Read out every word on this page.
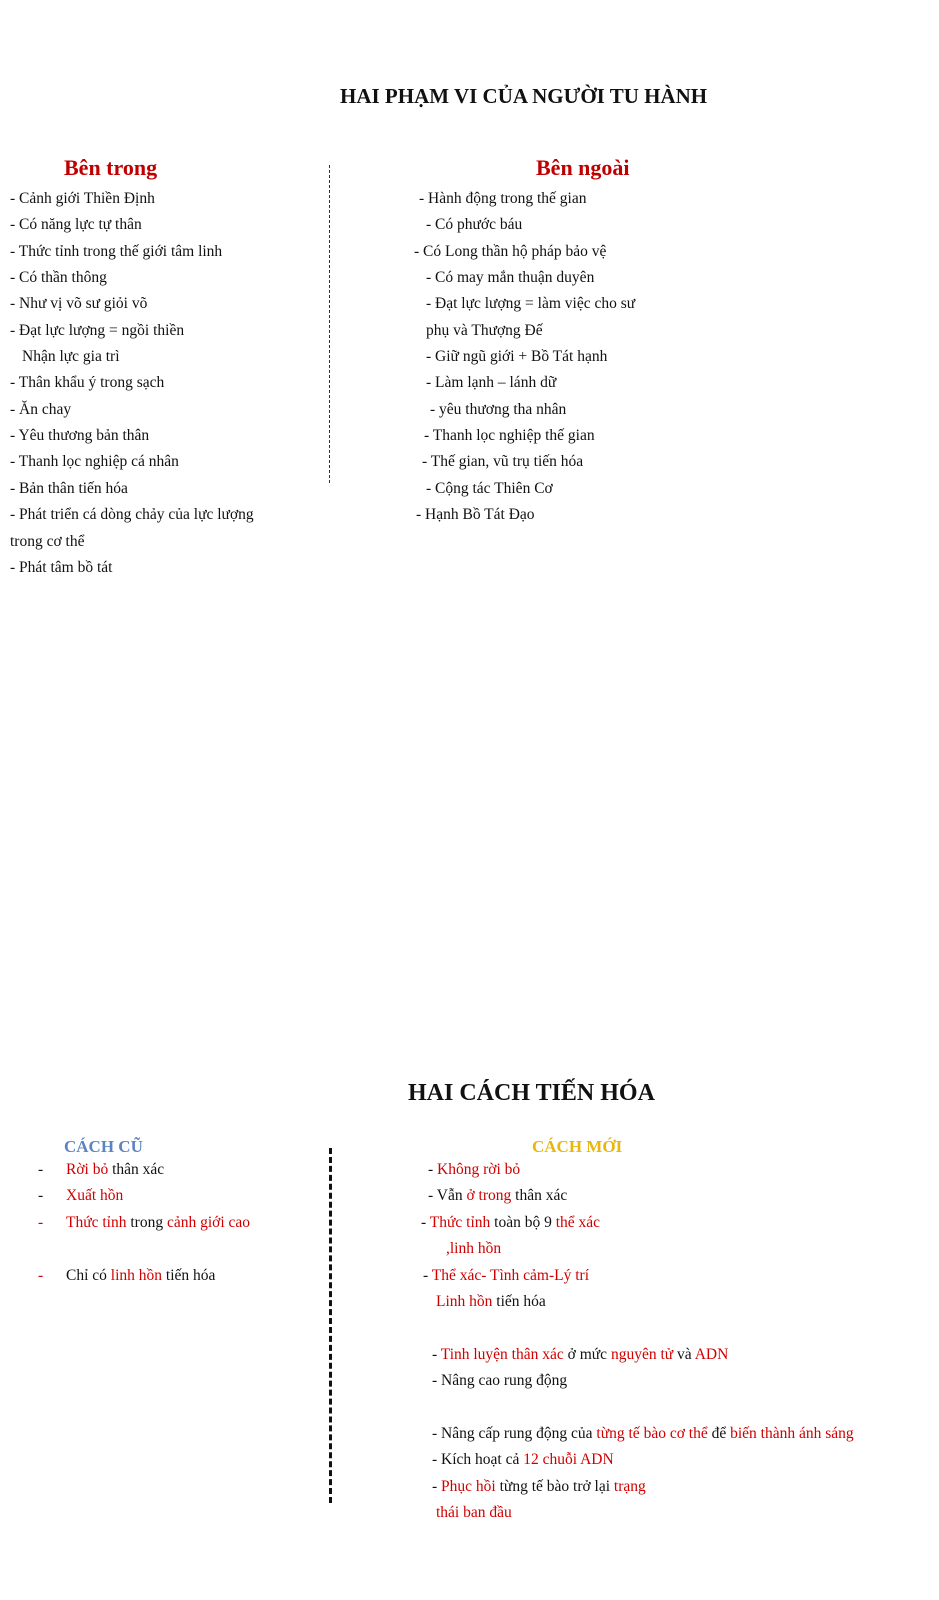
HAI PHẠM VI CỦA NGƯỜI TU HÀNH
Bên trong	Bên ngoài
- Cảnh giới Thiền Định
- Có năng lực tự thân
- Thức tỉnh trong thế giới tâm linh
- Có thần thông
- Như vị võ sư giỏi võ
- Đạt lực lượng = ngồi thiền
Nhận lực gia trì
- Thân khẩu ý trong sạch
- Ăn chay
- Yêu thương bản thân
- Thanh lọc nghiệp cá nhân
- Bản thân tiến hóa
- Phát triển cá dòng chảy của lực lượng
trong cơ thể
- Phát tâm bồ tát
- Hành động trong thế gian
- Có phước báu
- Có Long thần hộ pháp bảo vệ
- Có may mắn thuận duyên
- Đạt lực lượng = làm việc cho sư
phụ và Thượng Đế
- Giữ ngũ giới + Bồ Tát hạnh
- Làm lạnh – lánh dữ
- yêu thương tha nhân
- Thanh lọc nghiệp thế gian
- Thế gian, vũ trụ tiến hóa
- Cộng tác Thiên Cơ
- Hạnh Bồ Tát Đạo
HAI CÁCH TIẾN HÓA
CÁCH CŨ	CÁCH MỚI
- Rời bỏ thân xác
- Xuất hồn
- Thức tỉnh trong cảnh giới cao
- Chỉ có linh hồn tiến hóa
- Không rời bỏ
- Vẫn ở trong thân xác
- Thức tỉnh toàn bộ 9 thể xác
,linh hồn
- Thể xác- Tình cảm-Lý trí
Linh hồn tiến hóa
- Tinh luyện thân xác ở mức nguyên tử và ADN
- Nâng cao rung động
- Nâng cấp rung động của từng tế bào cơ thể để biến thành ánh sáng
- Kích hoạt cả 12 chuỗi ADN
- Phục hồi từng tế bào trở lại trạng
thái ban đầu
